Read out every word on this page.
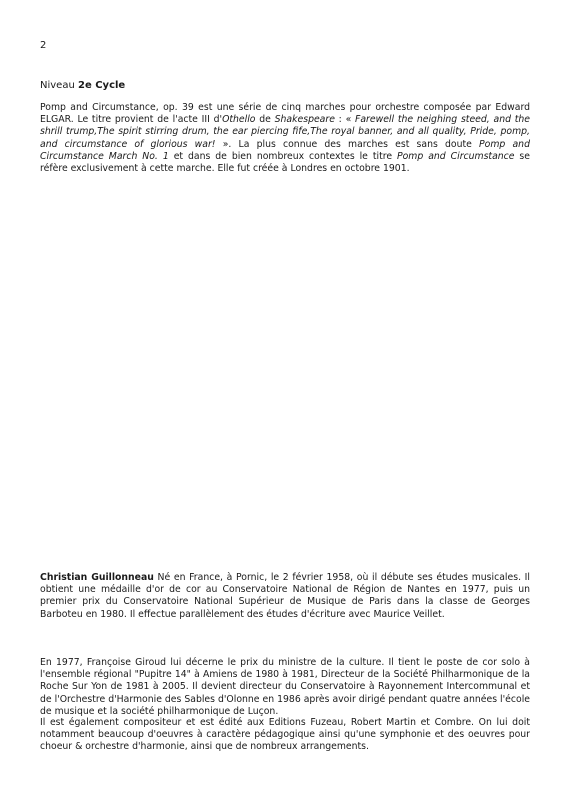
2
Niveau 2e Cycle

Pomp and Circumstance, op. 39 est une série de cinq marches pour orchestre composée par Edward ELGAR. Le titre provient de l'acte III d'Othello de Shakespeare : « Farewell the neighing steed, and the shrill trump,The spirit stirring drum, the ear piercing fife,The royal banner, and all quality, Pride, pomp, and circumstance of glorious war! ». La plus connue des marches est sans doute Pomp and Circumstance March No. 1 et dans de bien nombreux contextes le titre Pomp and Circumstance se réfère exclusivement à cette marche. Elle fut créée à Londres en octobre 1901.

Christian Guillonneau Né en France, à Pornic, le 2 février 1958, où il débute ses études musicales. Il obtient une médaille d'or de cor au Conservatoire National de Région de Nantes en 1977, puis un premier prix du Conservatoire National Supérieur de Musique de Paris dans la classe de Georges Barboteu en 1980. Il effectue parallèlement des études d'écriture avec Maurice Veillet.

En 1977, Françoise Giroud lui décerne le prix du ministre de la culture. Il tient le poste de cor solo à l'ensemble régional "Pupitre 14" à Amiens de 1980 à 1981, Directeur de la Société Philharmonique de la Roche Sur Yon de 1981 à 2005. Il devient directeur du Conservatoire à Rayonnement Intercommunal et de l'Orchestre d'Harmonie des Sables d'Olonne en 1986 après avoir dirigé pendant quatre années l'école de musique et la société philharmonique de Luçon.

Il est également compositeur et est édité aux Editions Fuzeau, Robert Martin et Combre. On lui doit notamment beaucoup d'oeuvres à caractère pédagogique ainsi qu'une symphonie et des oeuvres pour choeur & orchestre d'harmonie, ainsi que de nombreux arrangements.
